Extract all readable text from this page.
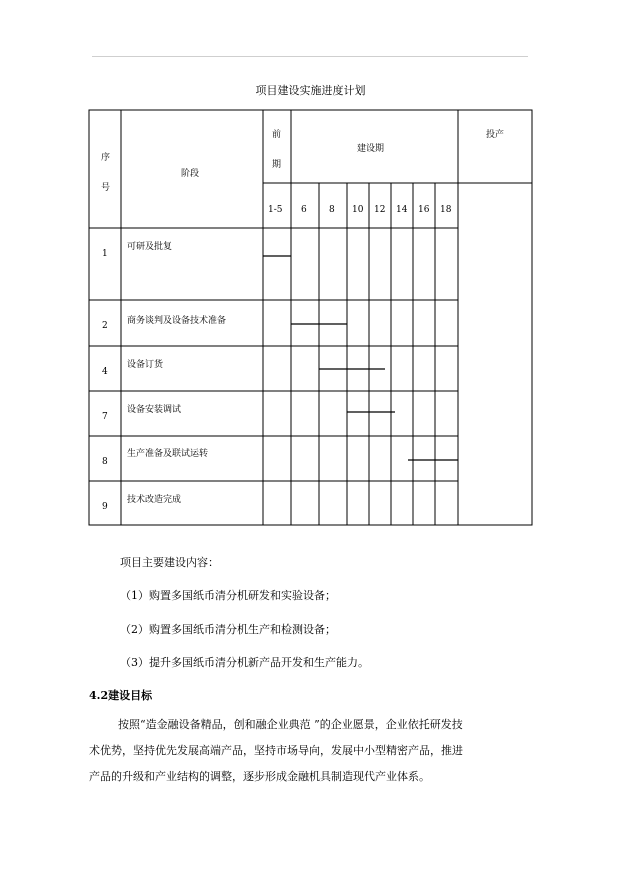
项目建设实施进度计划
序
号
阶段
前
期
建设期
投产
1-5 6 8 10 12 14 16 18
1
可研及批复
2 商务谈判及设备技术准备
4
设备订货
7
设备安装调试
8
生产准备及联试运转
9
技术改造完成
项目主要建设内容：
（1）购置多国纸币清分机研发和实验设备；
（2）购置多国纸币清分机生产和检测设备；
（3）提升多国纸币清分机新产品开发和生产能力。
4.2建设目标
按照“造金融设备精品，创和融企业典范 ”的企业愿景，企业依托研发技
术优势，坚持优先发展高端产品，坚持市场导向，发展中小型精密产品，推进
产品的升级和产业结构的调整，逐步形成金融机具制造现代产业体系。
